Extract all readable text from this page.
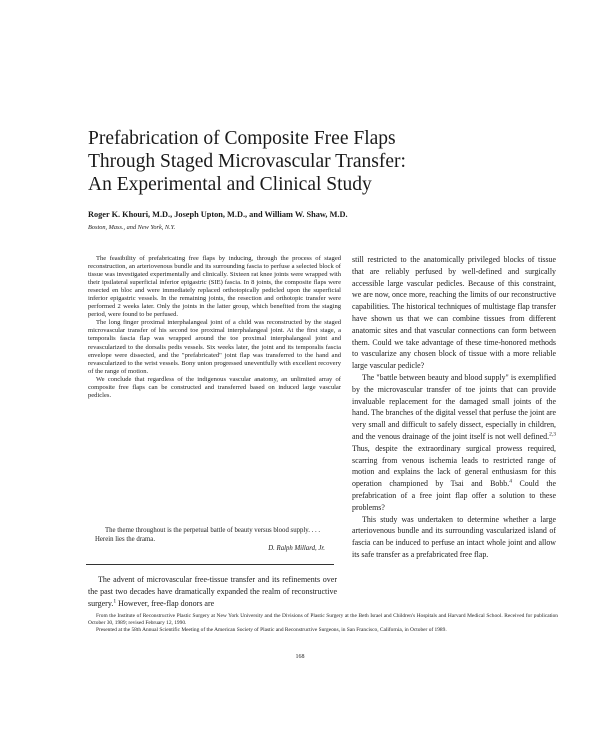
Prefabrication of Composite Free Flaps
Through Staged Microvascular Transfer:
An Experimental and Clinical Study
Roger K. Khouri, M.D., Joseph Upton, M.D., and William W. Shaw, M.D.
Boston, Mass., and New York, N.Y.

The feasibility of prefabricating free flaps by inducing, through the process of staged reconstruction, an arteriovenous bundle and its surrounding fascia to perfuse a selected block of tissue was investigated experimentally and clinically. Sixteen rat knee joints were wrapped with their ipsilateral superficial inferior epigastric (SIE) fascia. In 8 joints, the composite flaps were resected en bloc and were immediately replaced orthotopically pedicled upon the superficial inferior epigastric vessels. In the remaining joints, the resection and orthotopic transfer were performed 2 weeks later. Only the joints in the latter group, which benefited from the staging period, were found to be perfused.

The long finger proximal interphalangeal joint of a child was reconstructed by the staged microvascular transfer of his second toe proximal interphalangeal joint. At the first stage, a temporalis fascia flap was wrapped around the toe proximal interphalangeal joint and revascularized to the dorsalis pedis vessels. Six weeks later, the joint and its temporalis fascia envelope were dissected, and the "prefabricated" joint flap was transferred to the hand and revascularized to the wrist vessels. Bony union progressed uneventfully with excellent recovery of the range of motion.

We conclude that regardless of the indigenous vascular anatomy, an unlimited array of composite free flaps can be constructed and transferred based on induced large vascular pedicles.

The theme throughout is the perpetual battle of beauty versus blood supply. . . . Herein lies the drama.
D. Ralph Millard, Jr.

The advent of microvascular free-tissue transfer and its refinements over the past two decades have dramatically expanded the realm of reconstructive surgery.$^1$ However, free-flap donors are

still restricted to the anatomically privileged blocks of tissue that are reliably perfused by well-defined and surgically accessible large vascular pedicles. Because of this constraint, we are now, once more, reaching the limits of our reconstructive capabilities. The historical techniques of multistage flap transfer have shown us that we can combine tissues from different anatomic sites and that vascular connections can form between them. Could we take advantage of these time-honored methods to vascularize any chosen block of tissue with a more reliable large vascular pedicle?

The "battle between beauty and blood supply" is exemplified by the microvascular transfer of toe joints that can provide invaluable replacement for the damaged small joints of the hand. The branches of the digital vessel that perfuse the joint are very small and difficult to safely dissect, especially in children, and the venous drainage of the joint itself is not well defined.$^{2,3}$ Thus, despite the extraordinary surgical prowess required, scarring from venous ischemia leads to restricted range of motion and explains the lack of general enthusiasm for this operation championed by Tsai and Bobb.$^4$ Could the prefabrication of a free joint flap offer a solution to these problems?

This study was undertaken to determine whether a large arteriovenous bundle and its surrounding vascularized island of fascia can be induced to perfuse an intact whole joint and allow its safe transfer as a prefabricated free flap.

From the Institute of Reconstructive Plastic Surgery at New York University and the Divisions of Plastic Surgery at the Beth Israel and Children's Hospitals and Harvard Medical School. Received for publication October 30, 1989; revised February 12, 1990.

Presented at the 58th Annual Scientific Meeting of the American Society of Plastic and Reconstructive Surgeons, in San Francisco, California, in October of 1989.

168
